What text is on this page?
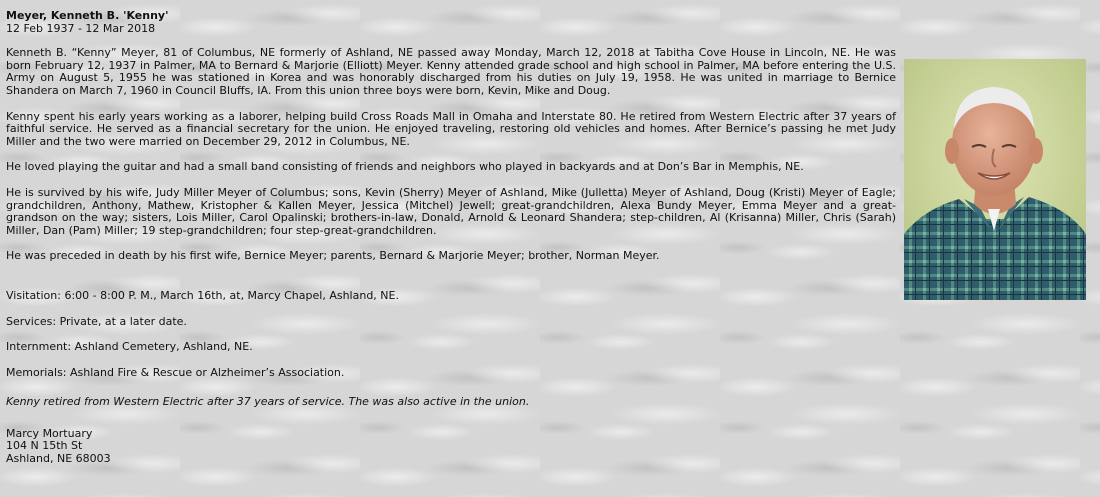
Meyer, Kenneth B. 'Kenny'
12 Feb 1937 - 12 Mar 2018

Kenneth B. “Kenny” Meyer, 81 of Columbus, NE formerly of Ashland, NE passed away Monday, March 12, 2018 at Tabitha Cove House in Lincoln, NE. He was born February 12, 1937 in Palmer, MA to Bernard & Marjorie (Elliott) Meyer. Kenny attended grade school and high school in Palmer, MA before entering the U.S. Army on August 5, 1955 he was stationed in Korea and was honorably discharged from his duties on July 19, 1958. He was united in marriage to Bernice Shandera on March 7, 1960 in Council Bluffs, IA. From this union three boys were born, Kevin, Mike and Doug.

Kenny spent his early years working as a laborer, helping build Cross Roads Mall in Omaha and Interstate 80. He retired from Western Electric after 37 years of faithful service. He served as a financial secretary for the union. He enjoyed traveling, restoring old vehicles and homes. After Bernice’s passing he met Judy Miller and the two were married on December 29, 2012 in Columbus, NE.

He loved playing the guitar and had a small band consisting of friends and neighbors who played in backyards and at Don’s Bar in Memphis, NE.

He is survived by his wife, Judy Miller Meyer of Columbus; sons, Kevin (Sherry) Meyer of Ashland, Mike (Julletta) Meyer of Ashland, Doug (Kristi) Meyer of Eagle; grandchildren, Anthony, Mathew, Kristopher & Kallen Meyer, Jessica (Mitchel) Jewell; great-grandchildren, Alexa Bundy Meyer, Emma Meyer and a great-grandson on the way; sisters, Lois Miller, Carol Opalinski; brothers-in-law, Donald, Arnold & Leonard Shandera; step-children, Al (Krisanna) Miller, Chris (Sarah) Miller, Dan (Pam) Miller; 19 step-grandchildren; four step-great-grandchildren.

He was preceded in death by his first wife, Bernice Meyer; parents, Bernard & Marjorie Meyer; brother, Norman Meyer.

Visitation: 6:00 - 8:00 P. M., March 16th, at, Marcy Chapel, Ashland, NE.

Services: Private, at a later date.

Internment: Ashland Cemetery, Ashland, NE.

Memorials: Ashland Fire & Rescue or Alzheimer’s Association.

Kenny retired from Western Electric after 37 years of service. The was also active in the union.

Marcy Mortuary
104 N 15th St
Ashland, NE 68003
